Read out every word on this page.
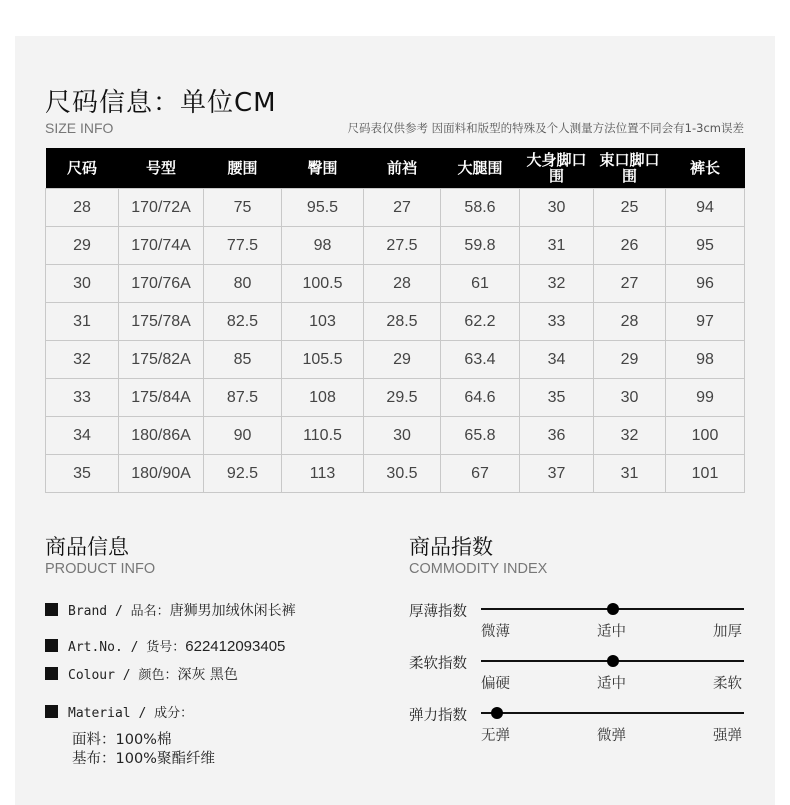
尺码信息：单位CM
SIZE INFO	尺码表仅供参考 因面料和版型的特殊及个人测量方法位置不同会有1-3cm误差
尺码	号型	腰围	臀围	前裆	大腿围	大身脚口围	束口脚口围	裤长
28	170/72A	75	95.5	27	58.6	30	25	94
29	170/74A	77.5	98	27.5	59.8	31	26	95
30	170/76A	80	100.5	28	61	32	27	96
31	175/78A	82.5	103	28.5	62.2	33	28	97
32	175/82A	85	105.5	29	63.4	34	29	98
33	175/84A	87.5	108	29.5	64.6	35	30	99
34	180/86A	90	110.5	30	65.8	36	32	100
35	180/90A	92.5	113	30.5	67	37	31	101
商品信息
PRODUCT INFO
Brand / 品名：唐狮男加绒休闲长裤
Art.No. / 货号：622412093405
Colour / 颜色：深灰 黑色
Material / 成分：
面料：100%棉
基布：100%聚酯纤维
商品指数
COMMODITY INDEX
厚薄指数
微薄	适中	加厚
柔软指数
偏硬	适中	柔软
弹力指数
无弹	微弹	强弹
